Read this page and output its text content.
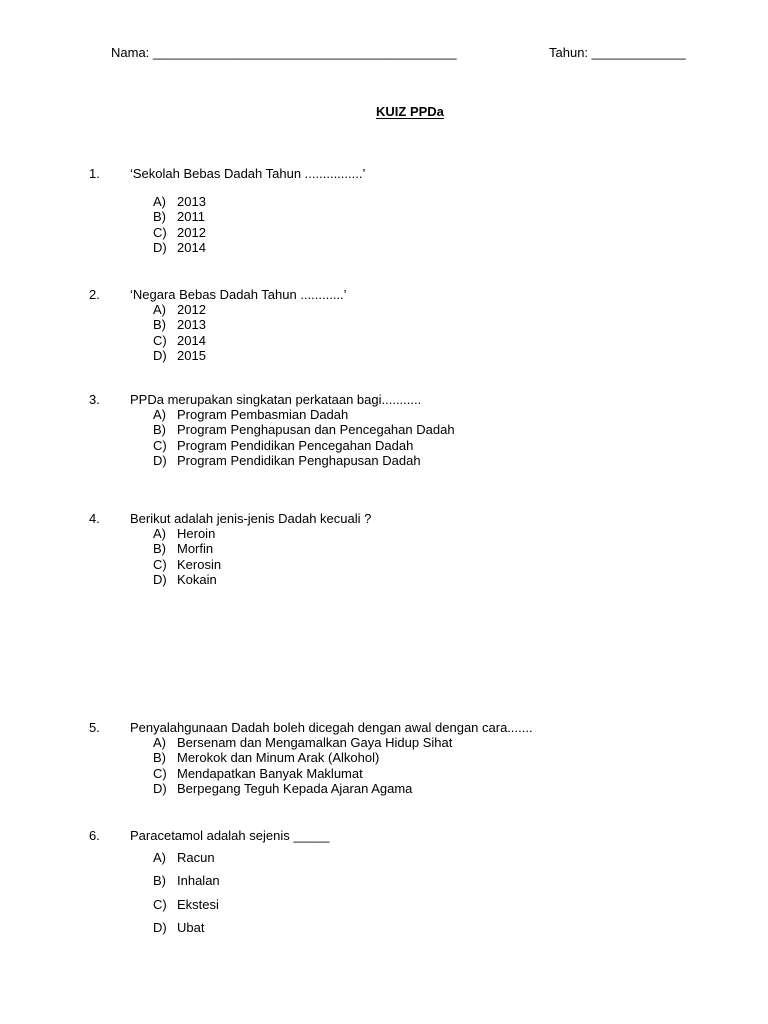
Nama: __________________________________________	Tahun: _____________
KUIZ PPDa
1. ‘Sekolah Bebas Dadah Tahun ................’
A) 2013
B) 2011
C) 2012
D) 2014
2. ‘Negara Bebas Dadah Tahun ............’
A) 2012
B) 2013
C) 2014
D) 2015
3. PPDa merupakan singkatan perkataan bagi...........
A) Program Pembasmian Dadah
B) Program Penghapusan dan Pencegahan Dadah
C) Program Pendidikan Pencegahan Dadah
D) Program Pendidikan Penghapusan Dadah
4. Berikut adalah jenis-jenis Dadah kecuali ?
A) Heroin
B) Morfin
C) Kerosin
D) Kokain
5. Penyalahgunaan Dadah boleh dicegah dengan awal dengan cara.......
A) Bersenam dan Mengamalkan Gaya Hidup Sihat
B) Merokok dan Minum Arak (Alkohol)
C) Mendapatkan Banyak Maklumat
D) Berpegang Teguh Kepada Ajaran Agama
6. Paracetamol adalah sejenis _____
A) Racun
B) Inhalan
C) Ekstesi
D) Ubat
